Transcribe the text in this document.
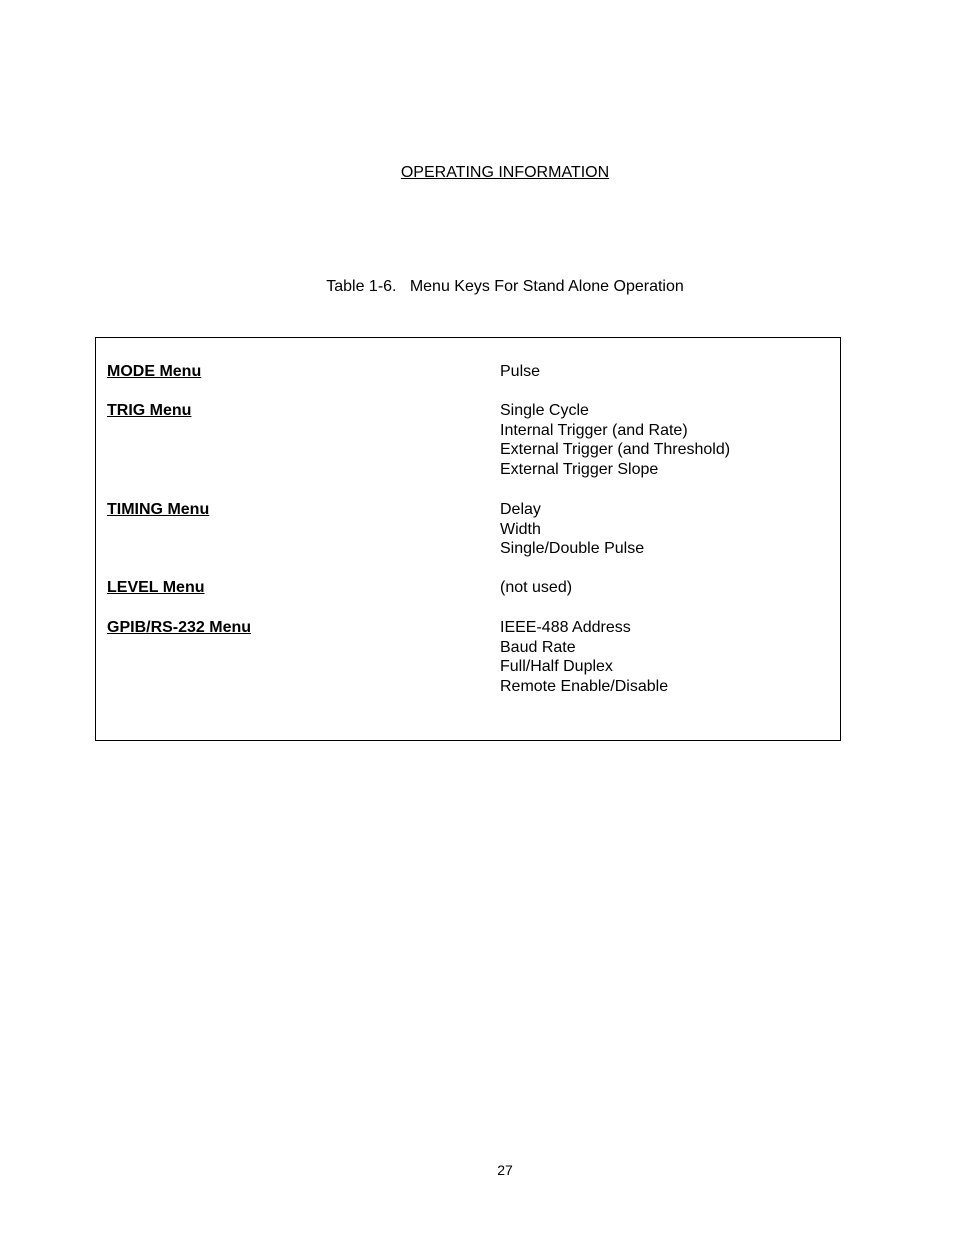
OPERATING INFORMATION
Table 1-6.   Menu Keys For Stand Alone Operation
MODE Menu	Pulse
TRIG Menu	Single Cycle
Internal Trigger (and Rate)
External Trigger (and Threshold)
External Trigger Slope
TIMING Menu	Delay
Width
Single/Double Pulse
LEVEL Menu	(not used)
GPIB/RS-232 Menu	IEEE-488 Address
Baud Rate
Full/Half Duplex
Remote Enable/Disable
27
